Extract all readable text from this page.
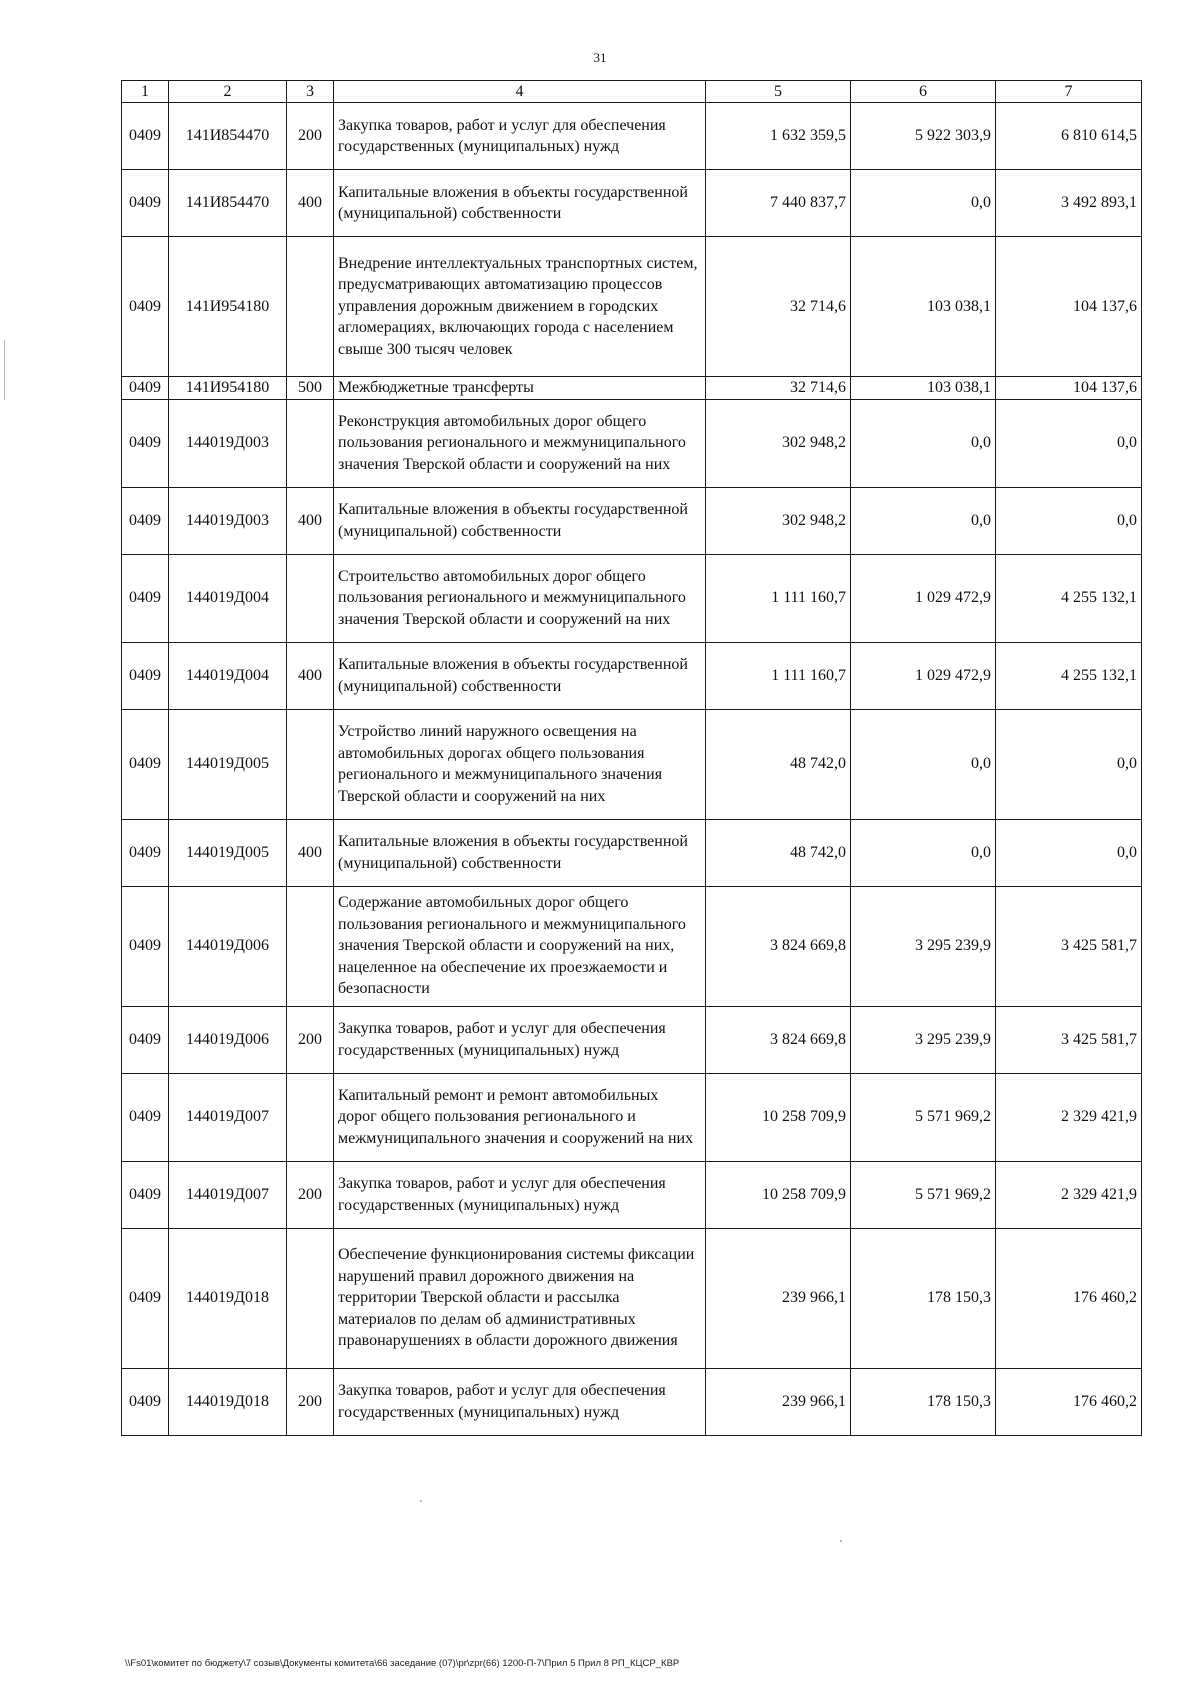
31
1	2	3	4	5	6	7
0409	141И854470	200	Закупка товаров, работ и услуг для обеспечения государственных (муниципальных) нужд	1 632 359,5	5 922 303,9	6 810 614,5
0409	141И854470	400	Капитальные вложения в объекты государственной (муниципальной) собственности	7 440 837,7	0,0	3 492 893,1
0409	141И954180		Внедрение интеллектуальных транспортных систем, предусматривающих автоматизацию процессов управления дорожным движением в городских агломерациях, включающих города с населением свыше 300 тысяч человек	32 714,6	103 038,1	104 137,6
0409	141И954180	500	Межбюджетные трансферты	32 714,6	103 038,1	104 137,6
0409	144019Д003		Реконструкция автомобильных дорог общего пользования регионального и межмуниципального значения Тверской области и сооружений на них	302 948,2	0,0	0,0
0409	144019Д003	400	Капитальные вложения в объекты государственной (муниципальной) собственности	302 948,2	0,0	0,0
0409	144019Д004		Строительство автомобильных дорог общего пользования регионального и межмуниципального значения Тверской области и сооружений на них	1 111 160,7	1 029 472,9	4 255 132,1
0409	144019Д004	400	Капитальные вложения в объекты государственной (муниципальной) собственности	1 111 160,7	1 029 472,9	4 255 132,1
0409	144019Д005		Устройство линий наружного освещения на автомобильных дорогах общего пользования регионального и межмуниципального значения Тверской области и сооружений на них	48 742,0	0,0	0,0
0409	144019Д005	400	Капитальные вложения в объекты государственной (муниципальной) собственности	48 742,0	0,0	0,0
0409	144019Д006		Содержание автомобильных дорог общего пользования регионального и межмуниципального значения Тверской области и сооружений на них, нацеленное на обеспечение их проезжаемости и безопасности	3 824 669,8	3 295 239,9	3 425 581,7
0409	144019Д006	200	Закупка товаров, работ и услуг для обеспечения государственных (муниципальных) нужд	3 824 669,8	3 295 239,9	3 425 581,7
0409	144019Д007		Капитальный ремонт и ремонт автомобильных дорог общего пользования регионального и межмуниципального значения и сооружений на них	10 258 709,9	5 571 969,2	2 329 421,9
0409	144019Д007	200	Закупка товаров, работ и услуг для обеспечения государственных (муниципальных) нужд	10 258 709,9	5 571 969,2	2 329 421,9
0409	144019Д018		Обеспечение функционирования системы фиксации нарушений правил дорожного движения на территории Тверской области и рассылка материалов по делам об административных правонарушениях в области дорожного движения	239 966,1	178 150,3	176 460,2
0409	144019Д018	200	Закупка товаров, работ и услуг для обеспечения государственных (муниципальных) нужд	239 966,1	178 150,3	176 460,2
\\Fs01\комитет по бюджету\7 созыв\Документы комитета\66 заседание (07)\pr\zpr(66) 1200-П-7\Прил 5 Прил 8 РП_КЦСР_КВР
